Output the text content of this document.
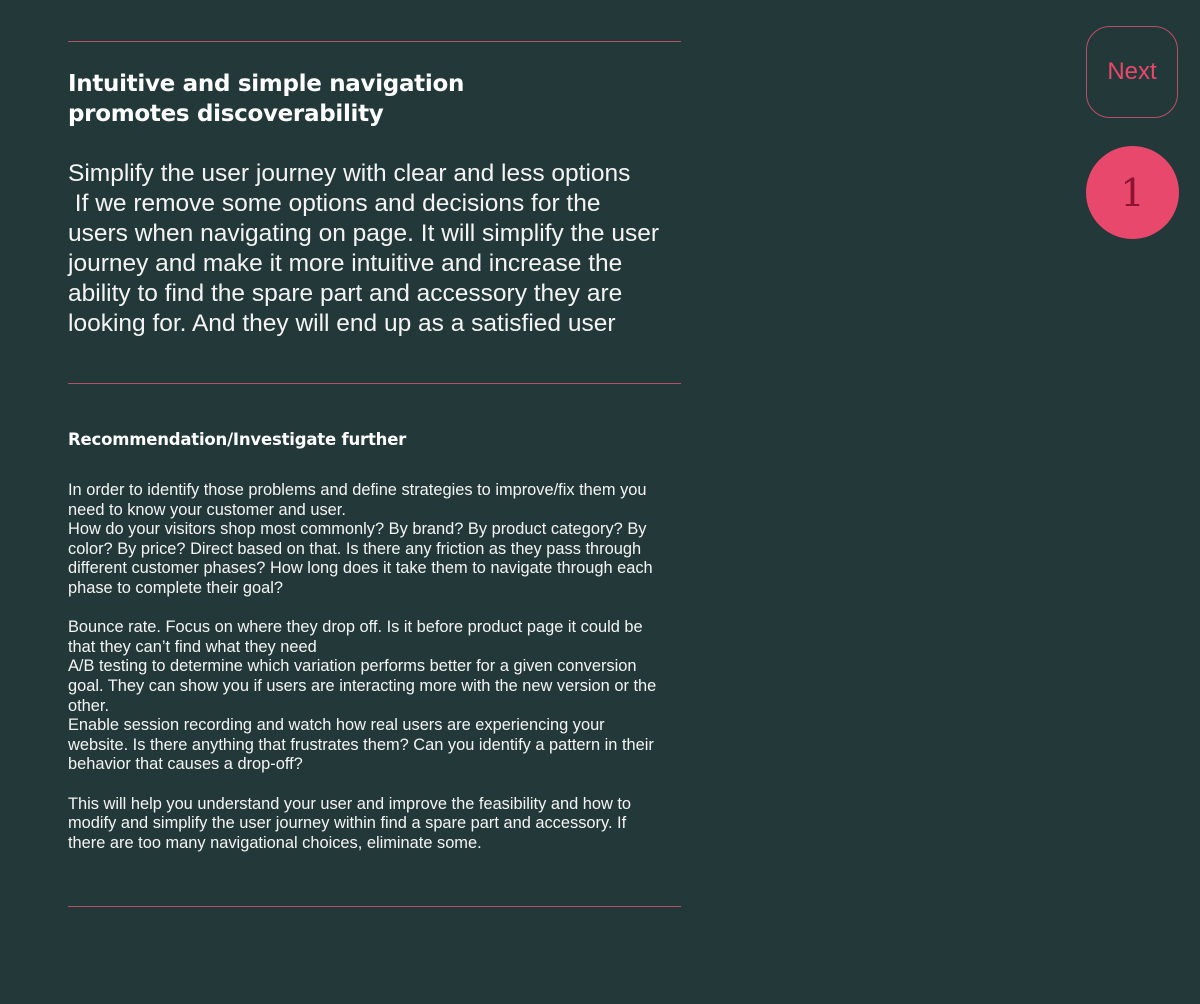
Intuitive and simple navigation promotes discoverability
Simplify the user journey with clear and less options
If we remove some options and decisions for the
users when navigating on page. It will simplify the user
journey and make it more intuitive and increase the
ability to find the spare part and accessory they are
looking for. And they will end up as a satisfied user
Recommendation/Investigate further
In order to identify those problems and define strategies to improve/fix them you
need to know your customer and user.
How do your visitors shop most commonly? By brand? By product category? By
color? By price? Direct based on that. Is there any friction as they pass through
different customer phases? How long does it take them to navigate through each
phase to complete their goal?
Bounce rate. Focus on where they drop off. Is it before product page it could be
that they can’t find what they need
A/B testing to determine which variation performs better for a given conversion
goal. They can show you if users are interacting more with the new version or the
other.
Enable session recording and watch how real users are experiencing your
website. Is there anything that frustrates them? Can you identify a pattern in their
behavior that causes a drop-off?
This will help you understand your user and improve the feasibility and how to
modify and simplify the user journey within find a spare part and accessory. If
there are too many navigational choices, eliminate some.
Next
1
